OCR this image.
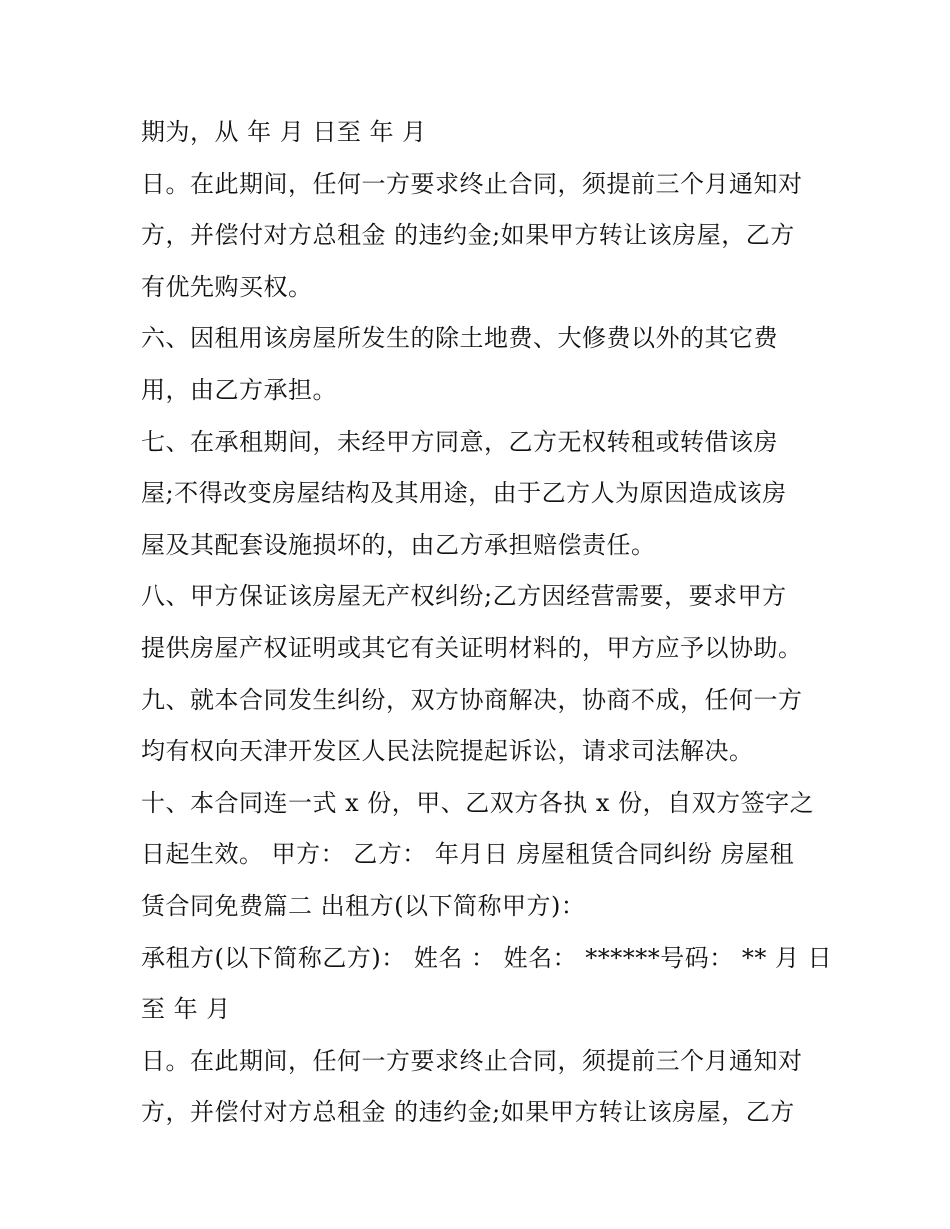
期为，从 年 月 日至 年 月
日。在此期间，任何一方要求终止合同，须提前三个月通知对
方，并偿付对方总租金 的违约金;如果甲方转让该房屋，乙方
有优先购买权。
六、因租用该房屋所发生的除土地费、大修费以外的其它费
用，由乙方承担。
七、在承租期间，未经甲方同意，乙方无权转租或转借该房
屋;不得改变房屋结构及其用途，由于乙方人为原因造成该房
屋及其配套设施损坏的，由乙方承担赔偿责任。
八、甲方保证该房屋无产权纠纷;乙方因经营需要，要求甲方
提供房屋产权证明或其它有关证明材料的，甲方应予以协助。
九、就本合同发生纠纷，双方协商解决，协商不成，任何一方
均有权向天津开发区人民法院提起诉讼，请求司法解决。
十、本合同连一式 x 份，甲、乙双方各执 x 份，自双方签字之
日起生效。 甲方： 乙方： 年月日 房屋租赁合同纠纷 房屋租
赁合同免费篇二 出租方(以下简称甲方)：
承租方(以下简称乙方)： 姓名 ： 姓名： ******号码： ** 月 日
至 年 月
日。在此期间，任何一方要求终止合同，须提前三个月通知对
方，并偿付对方总租金 的违约金;如果甲方转让该房屋，乙方
